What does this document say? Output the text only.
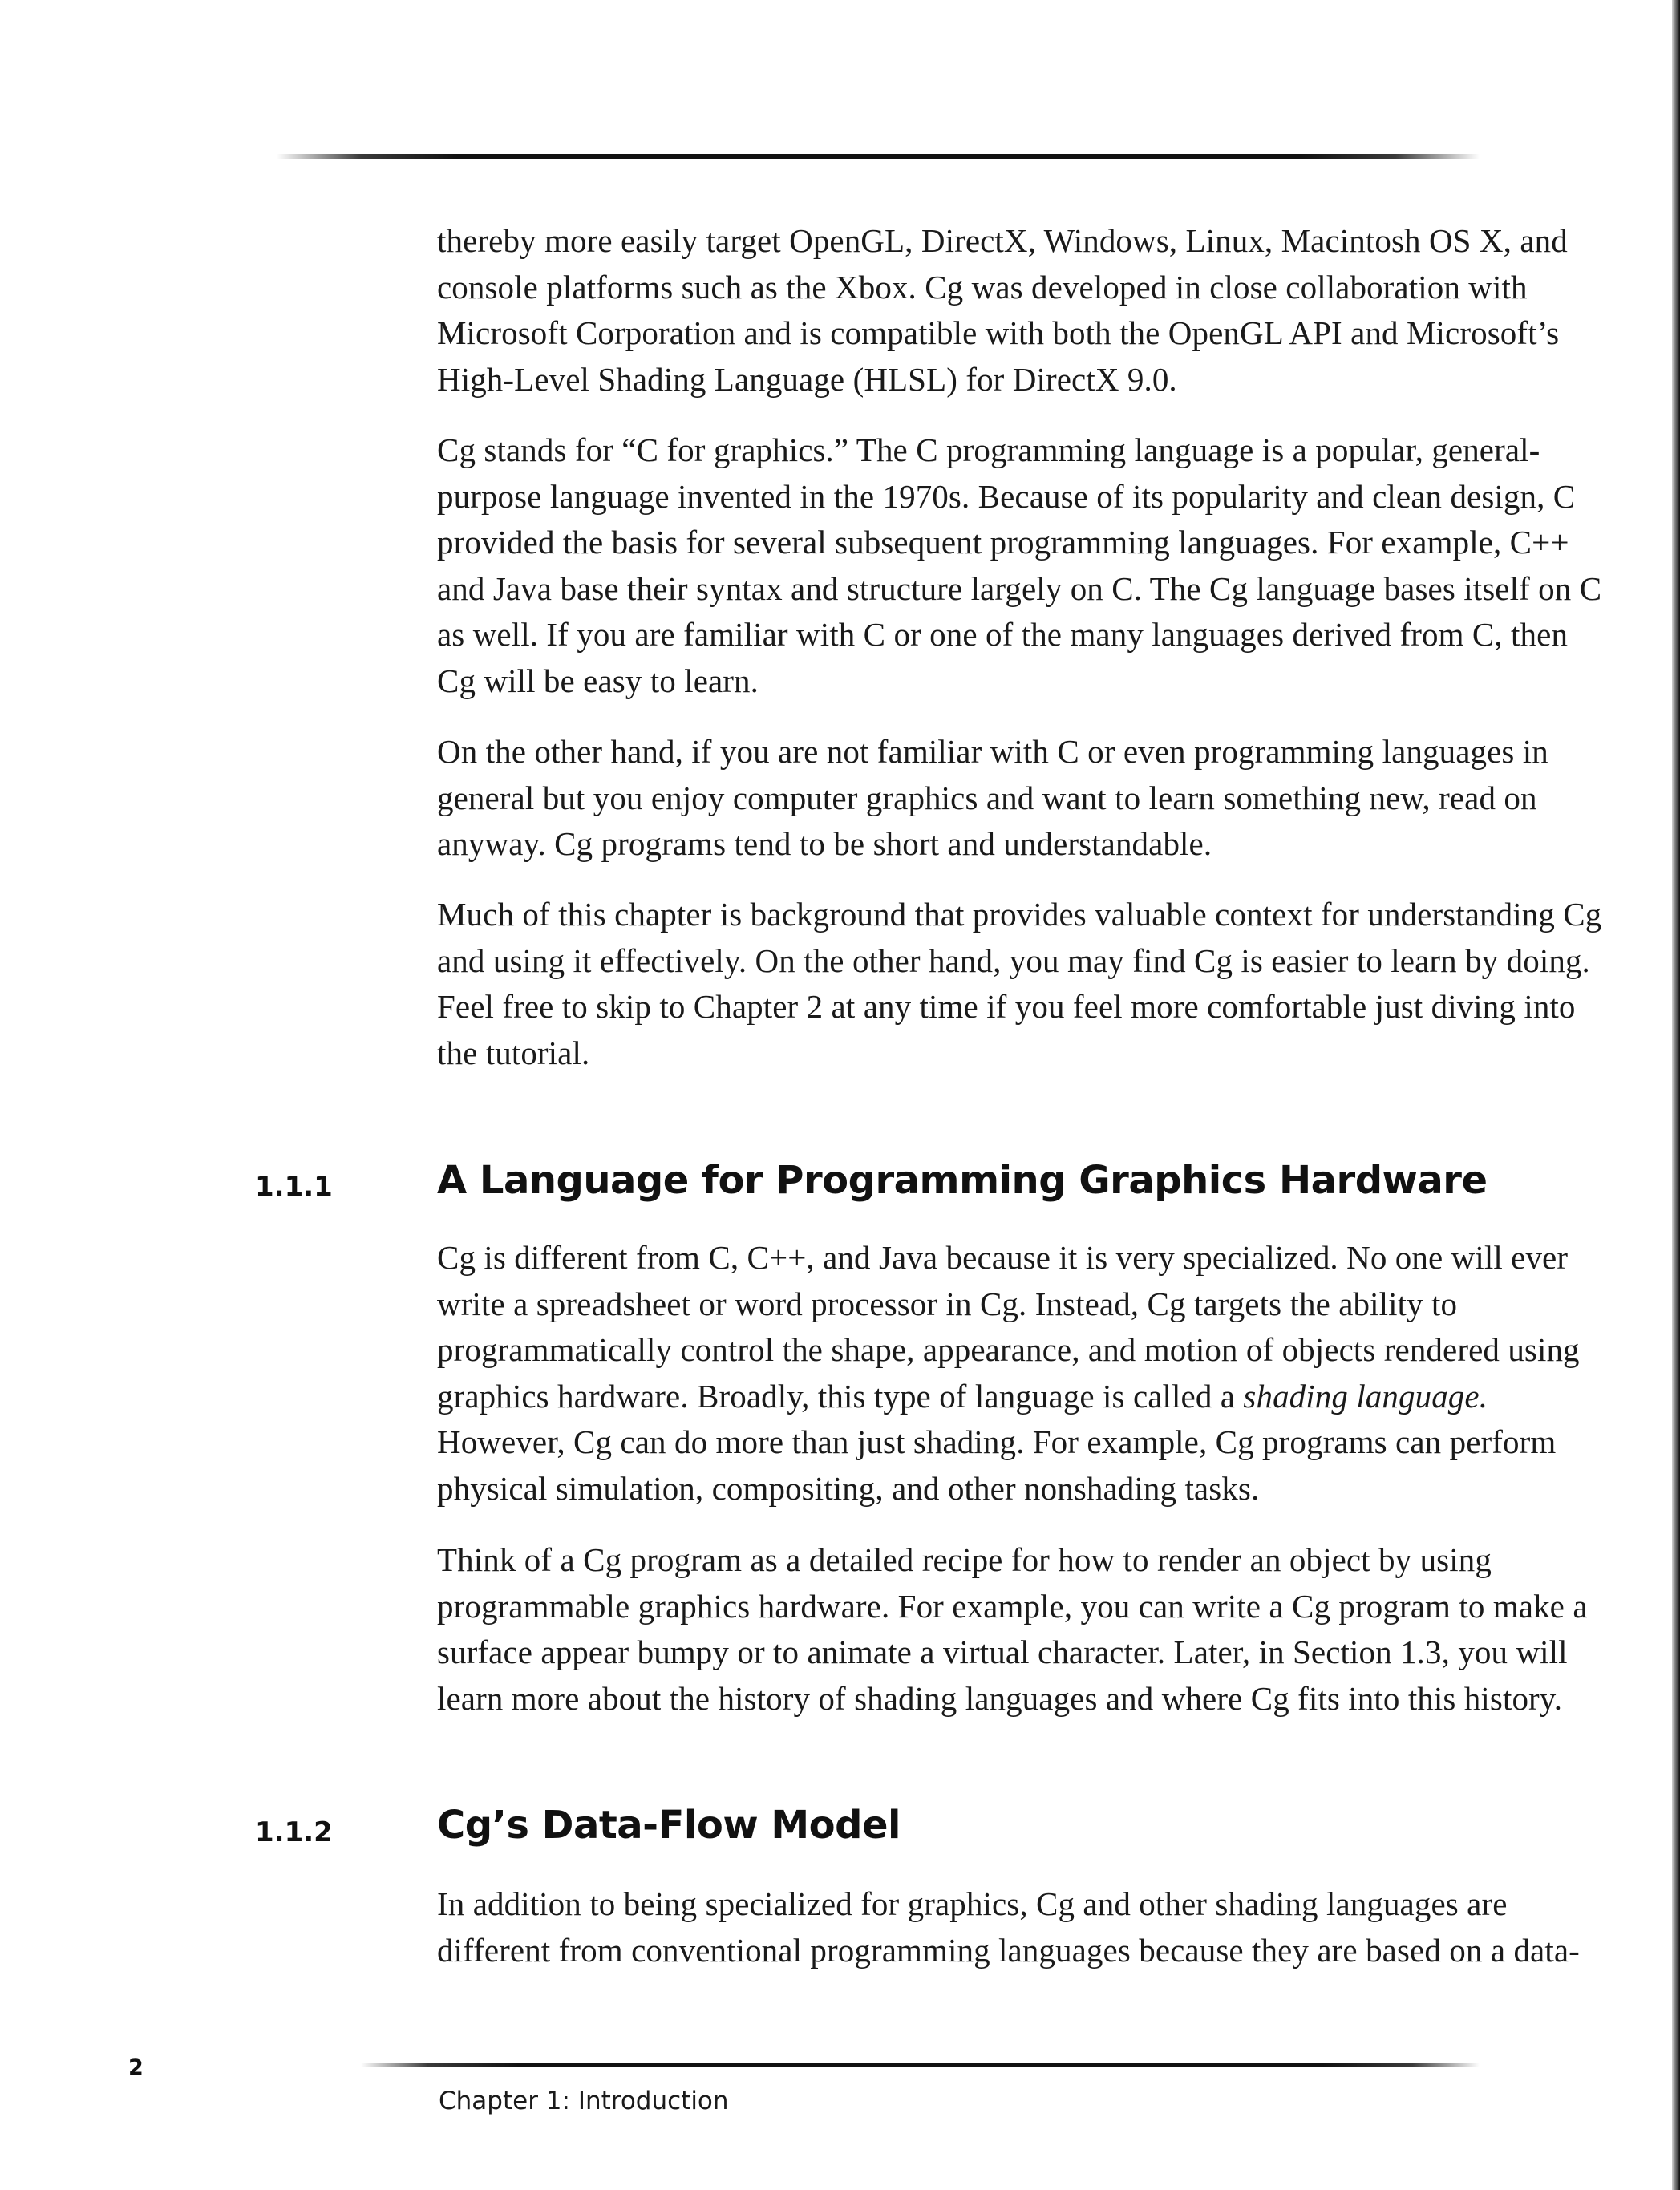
thereby more easily target OpenGL, DirectX, Windows, Linux, Macintosh OS X, and console platforms such as the Xbox. Cg was developed in close collaboration with Microsoft Corporation and is compatible with both the OpenGL API and Microsoft’s High-Level Shading Language (HLSL) for DirectX 9.0.

Cg stands for “C for graphics.” The C programming language is a popular, general-purpose language invented in the 1970s. Because of its popularity and clean design, C provided the basis for several subsequent programming languages. For example, C++ and Java base their syntax and structure largely on C. The Cg language bases itself on C as well. If you are familiar with C or one of the many languages derived from C, then Cg will be easy to learn.

On the other hand, if you are not familiar with C or even programming languages in general but you enjoy computer graphics and want to learn something new, read on anyway. Cg programs tend to be short and understandable.

Much of this chapter is background that provides valuable context for understanding Cg and using it effectively. On the other hand, you may find Cg is easier to learn by doing. Feel free to skip to Chapter 2 at any time if you feel more comfortable just diving into the tutorial.

1.1.1	A Language for Programming Graphics Hardware

Cg is different from C, C++, and Java because it is very specialized. No one will ever write a spreadsheet or word processor in Cg. Instead, Cg targets the ability to programmatically control the shape, appearance, and motion of objects rendered using graphics hardware. Broadly, this type of language is called a shading language. However, Cg can do more than just shading. For example, Cg programs can perform physical simulation, compositing, and other nonshading tasks.

Think of a Cg program as a detailed recipe for how to render an object by using programmable graphics hardware. For example, you can write a Cg program to make a surface appear bumpy or to animate a virtual character. Later, in Section 1.3, you will learn more about the history of shading languages and where Cg fits into this history.

1.1.2	Cg’s Data-Flow Model

In addition to being specialized for graphics, Cg and other shading languages are different from conventional programming languages because they are based on a data-

2
Chapter 1: Introduction
